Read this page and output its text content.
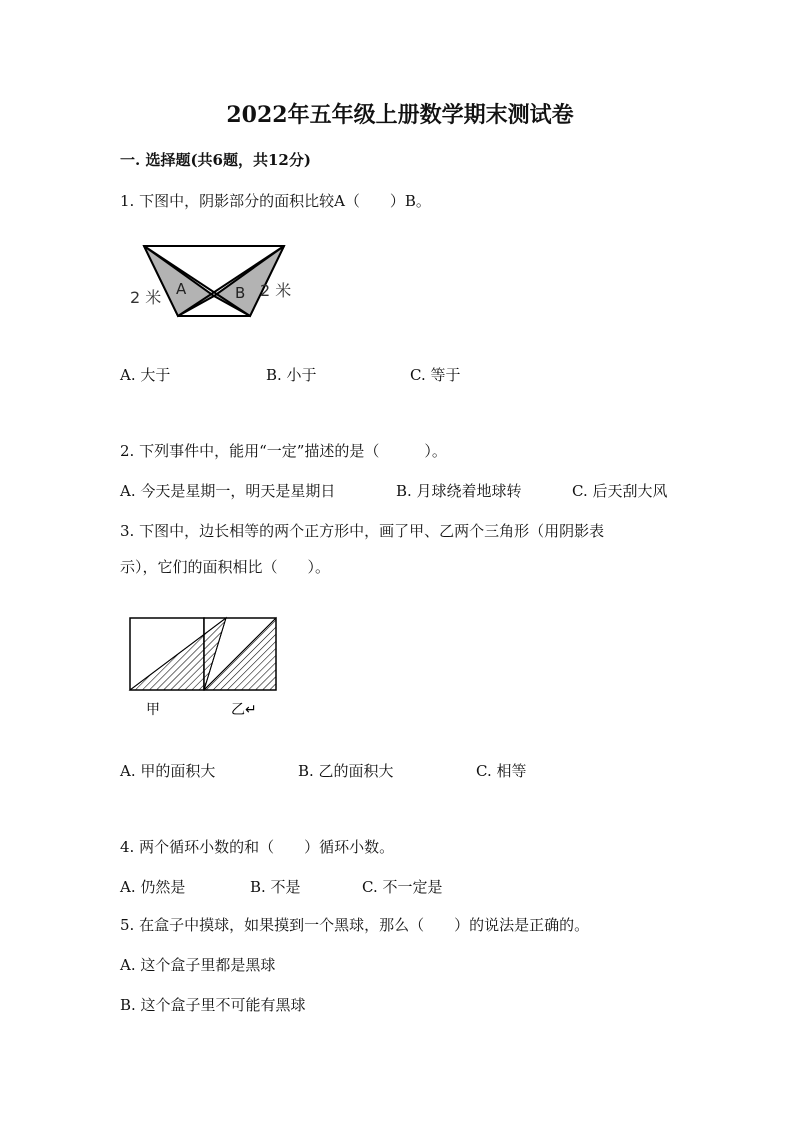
2022年五年级上册数学期末测试卷
一. 选择题(共6题，共12分)
1. 下图中，阴影部分的面积比较A（　　）B。
A	B
2 米	2 米
A. 大于	B. 小于	C. 等于
2. 下列事件中，能用“一定”描述的是（　　　）。
A. 今天是星期一，明天是星期日	B. 月球绕着地球转	C. 后天刮大风
3. 下图中，边长相等的两个正方形中，画了甲、乙两个三角形（用阴影表
示），它们的面积相比（　　）。
甲	乙↵
A. 甲的面积大	B. 乙的面积大	C. 相等
4. 两个循环小数的和（　　）循环小数。
A. 仍然是	B. 不是	C. 不一定是
5. 在盒子中摸球，如果摸到一个黑球，那么（　　）的说法是正确的。
A. 这个盒子里都是黑球
B. 这个盒子里不可能有黑球
